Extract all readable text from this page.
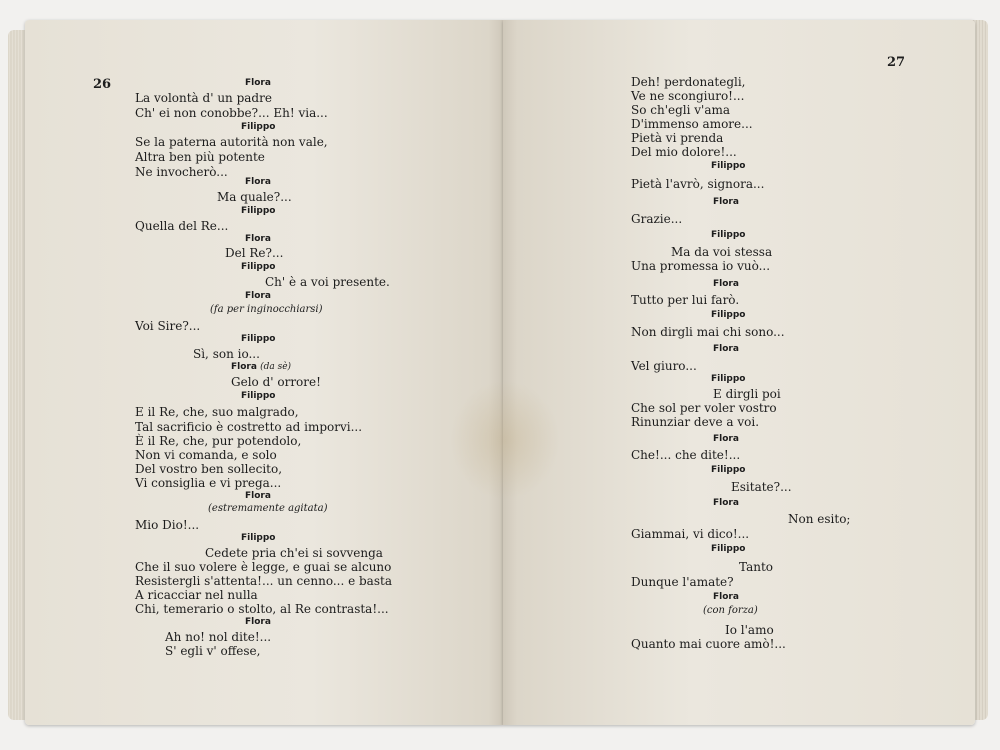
26	Flora
La volontà d' un padre
Ch' ei non conobbe?... Eh! via...
Filippo
Se la paterna autorità non vale,
Altra ben più potente
Ne invocherò...
Flora
Ma quale?...
Filippo
Quella del Re...
Flora
Del Re?...
Filippo
Ch' è a voi presente.
Flora
(fa per inginocchiarsi)
Voi Sire?...
Filippo
Sì, son io...
Flora (da sè)
Gelo d' orrore!
Filippo
E il Re, che, suo malgrado,
Tal sacrificio è costretto ad imporvi...
È il Re, che, pur potendolo,
Non vi comanda, e solo
Del vostro ben sollecito,
Vi consiglia e vi prega...
Flora
(estremamente agitata)
Mio Dio!...
Filippo
Cedete pria ch'ei si sovvenga
Che il suo volere è legge, e guai se alcuno
Resistergli s'attenta!... un cenno... e basta
A ricacciar nel nulla
Chi, temerario o stolto, al Re contrasta!...
Flora
Ah no! nol dite!...
S' egli v' offese,
27
Deh! perdonategli,
Ve ne scongiuro!...
So ch'egli v'ama
D'immenso amore...
Pietà vi prenda
Del mio dolore!...
Filippo
Pietà l'avrò, signora...
Flora
Grazie...
Filippo
Ma da voi stessa
Una promessa io vuò...
Flora
Tutto per lui farò.
Filippo
Non dirgli mai chi sono...
Flora
Vel giuro...
Filippo
E dirgli poi
Che sol per voler vostro
Rinunziar deve a voi.
Flora
Che!... che dite!...
Filippo
Esitate?...
Flora
Non esito;
Giammai, vi dico!...
Filippo
Tanto
Dunque l'amate?
Flora
(con forza)
Io l'amo
Quanto mai cuore amò!...
